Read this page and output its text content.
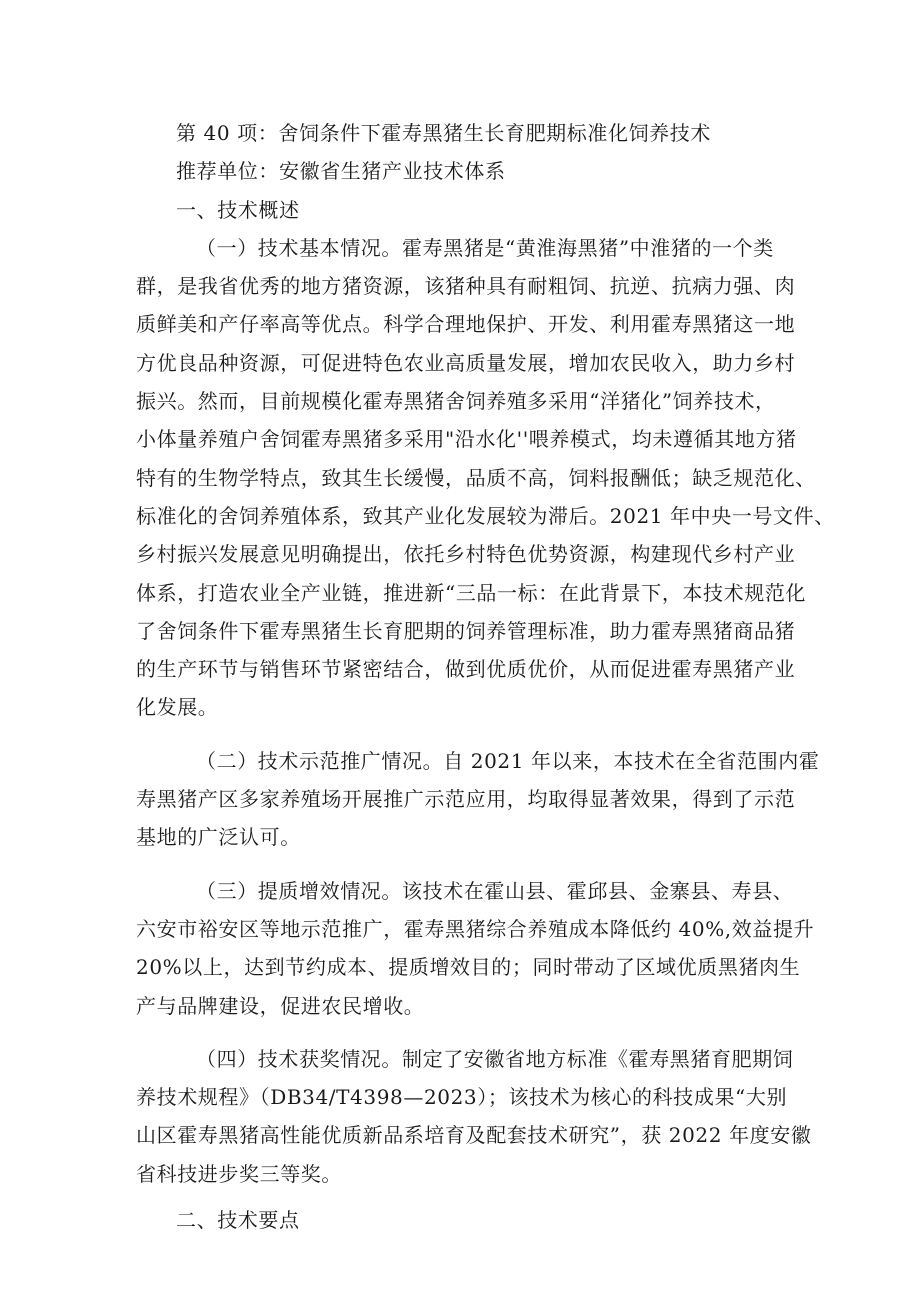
第 40 项：舍饲条件下霍寿黑猪生长育肥期标准化饲养技术
推荐单位：安徽省生猪产业技术体系
一、技术概述
（一）技术基本情况。霍寿黑猪是“黄淮海黑猪”中淮猪的一个类
群，是我省优秀的地方猪资源，该猪种具有耐粗饲、抗逆、抗病力强、肉
质鲜美和产仔率高等优点。科学合理地保护、开发、利用霍寿黑猪这一地
方优良品种资源，可促进特色农业高质量发展，增加农民收入，助力乡村
振兴。然而，目前规模化霍寿黑猪舍饲养殖多采用“洋猪化”饲养技术，
小体量养殖户舍饲霍寿黑猪多采用"沿水化''喂养模式，均未遵循其地方猪
特有的生物学特点，致其生长缓慢，品质不高，饲料报酬低；缺乏规范化、
标准化的舍饲养殖体系，致其产业化发展较为滞后。2021 年中央一号文件、
乡村振兴发展意见明确提出，依托乡村特色优势资源，构建现代乡村产业
体系，打造农业全产业链，推进新“三品一标：在此背景下，本技术规范化
了舍饲条件下霍寿黑猪生长育肥期的饲养管理标准，助力霍寿黑猪商品猪
的生产环节与销售环节紧密结合，做到优质优价，从而促进霍寿黑猪产业
化发展。
（二）技术示范推广情况。自 2021 年以来，本技术在全省范围内霍
寿黑猪产区多家养殖场开展推广示范应用，均取得显著效果，得到了示范
基地的广泛认可。
（三）提质增效情况。该技术在霍山县、霍邱县、金寨县、寿县、
六安市裕安区等地示范推广，霍寿黑猪综合养殖成本降低约 40%,效益提升
20%以上，达到节约成本、提质增效目的；同时带动了区域优质黑猪肉生
产与品牌建设，促进农民增收。
（四）技术获奖情况。制定了安徽省地方标准《霍寿黑猪育肥期饲
养技术规程》（DB34/T4398—2023）；该技术为核心的科技成果“大别
山区霍寿黑猪高性能优质新品系培育及配套技术研究”，获 2022 年度安徽
省科技进步奖三等奖。
二、技术要点
